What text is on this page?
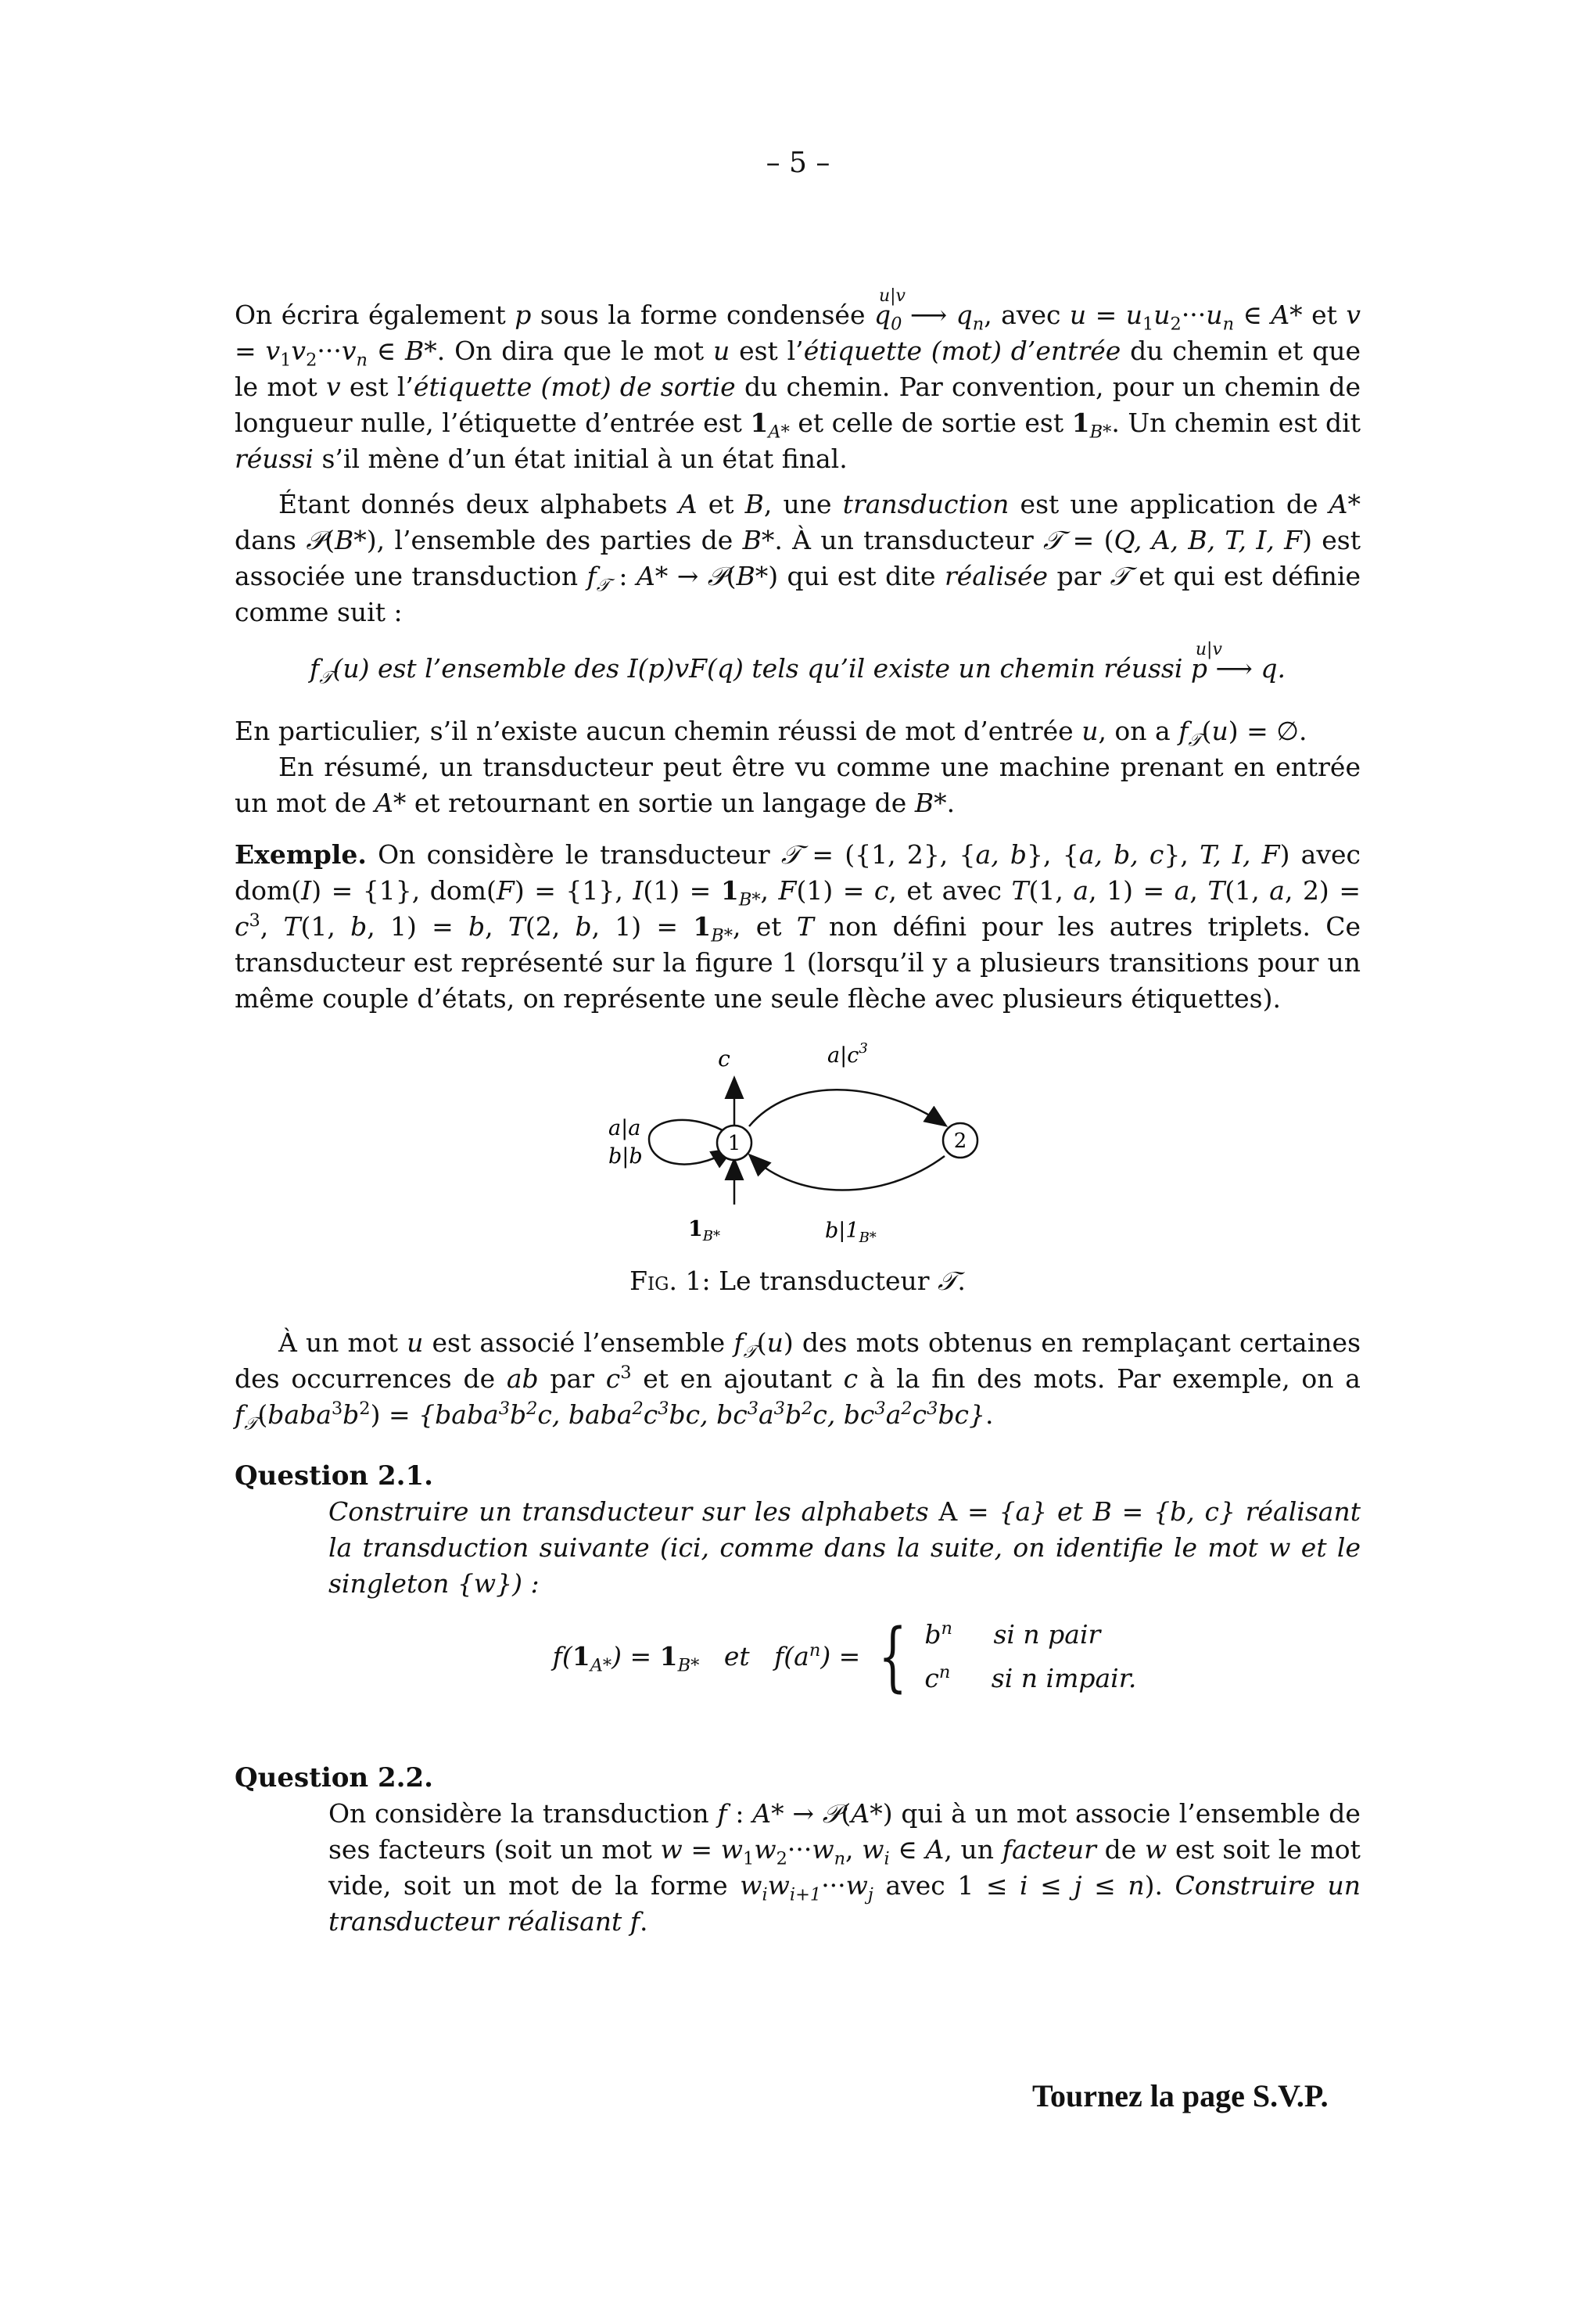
– 5 –
On écrira également p sous la forme condensée $q_0$ ⟶
u|v
$q_n$, avec $u = u_1u_2\cdot\cdot\cdot u_n$ ∈ A* et $v = v_1v_2\cdot\cdot\cdot v_n$ ∈ B*. On dira que le mot u est l’étiquette (mot) d’entrée du chemin et que le mot v est l’étiquette (mot) de sortie du chemin. Par convention, pour un chemin de longueur nulle, l’étiquette d’entrée est $1_{A*}$ et celle de sortie est $1_{B*}$. Un chemin est dit réussi s’il mène d’un état initial à un état final.
Étant donnés deux alphabets A et B, une transduction est une application de A* dans 𝒫(B*), l’ensemble des parties de B*. À un transducteur 𝒯 = (Q, A, B, T, I, F) est associée une transduction $f_𝒯$ : A* → 𝒫(B*) qui est dite réalisée par 𝒯 et qui est définie comme suit :
$f_𝒯(u)$ est l’ensemble des I(p)vF(q) tels qu’il existe un chemin réussi p ⟶
u|v
q.
En particulier, s’il n’existe aucun chemin réussi de mot d’entrée u, on a $f_𝒯(u)$ = ∅.
En résumé, un transducteur peut être vu comme une machine prenant en entrée un mot de A* et retournant en sortie un langage de B*.
Exemple. On considère le transducteur 𝒯 = ({1, 2}, {a, b}, {a, b, c}, T, I, F) avec dom(I) = {1}, dom(F) = {1}, $I(1) = 1_{B*}$, F(1) = c, et avec T(1, a, 1) = a, T(1, a, $2) = c^3$, T(1, b, 1) = b, T(2, b, $1) = 1_{B*}$, et T non défini pour les autres triplets. Ce transducteur est représenté sur la figure 1 (lorsqu’il y a plusieurs transitions pour un même couple d’états, on représente une seule flèche avec plusieurs étiquettes).
1	2
c
a|a
b|b
$a|c^3$
$1_{B*}$	$b|1_{B*}$
Fig. 1: Le transducteur 𝒯.
À un mot u est associé l’ensemble $f_𝒯(u)$ des mots obtenus en remplaçant certaines des occurrences de ab par $c^3$ et en ajoutant c à la fin des mots. Par exemple, on a $f_𝒯(baba^3b^2)$ = {$baba^3b^2c$, $baba^2c^3bc$, $bc^3a^3b^2c$, $bc^3a^2c^3bc$}.
Question 2.1.
Construire un transducteur sur les alphabets A = {a} et B = {b, c} réalisant la transduction suivante (ici, comme dans la suite, on identifie le mot w et le singleton {w}) :
$f(1_{A*}) = 1_{B*}$ et   $f(a^n)$ = { $b^n$ si n pair
$c^n$ si n impair.
Question 2.2.
On considère la transduction f : A* → 𝒫(A*) qui à un mot associe l’ensemble de ses facteurs (soit un mot $w = w_1w_2\cdot\cdot\cdot w_n$, $w_i$ ∈ A, un facteur de w est soit le mot vide, soit un mot de la forme $w_iw_{i+1}\cdot\cdot\cdot w_j$ avec 1 ≤ i ≤ j ≤ n). Construire un transducteur réalisant f.
Tournez la page S.V.P.
